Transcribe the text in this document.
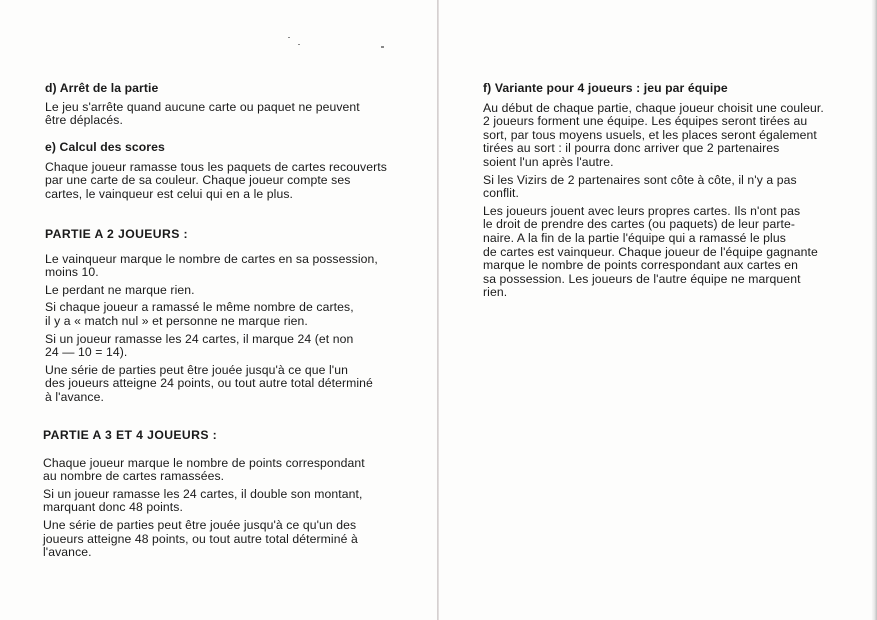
d) Arrêt de la partie
Le jeu s'arrête quand aucune carte ou paquet ne peuvent
être déplacés.
e) Calcul des scores
Chaque joueur ramasse tous les paquets de cartes recouverts
par une carte de sa couleur. Chaque joueur compte ses
cartes, le vainqueur est celui qui en a le plus.
PARTIE A 2 JOUEURS :
Le vainqueur marque le nombre de cartes en sa possession,
moins 10.
Le perdant ne marque rien.
Si chaque joueur a ramassé le même nombre de cartes,
il y a « match nul » et personne ne marque rien.
Si un joueur ramasse les 24 cartes, il marque 24 (et non
24 — 10 = 14).
Une série de parties peut être jouée jusqu'à ce que l'un
des joueurs atteigne 24 points, ou tout autre total déterminé
à l'avance.
PARTIE A 3 ET 4 JOUEURS :
Chaque joueur marque le nombre de points correspondant
au nombre de cartes ramassées.
Si un joueur ramasse les 24 cartes, il double son montant,
marquant donc 48 points.
Une série de parties peut être jouée jusqu'à ce qu'un des
joueurs atteigne 48 points, ou tout autre total déterminé à
l'avance.
f) Variante pour 4 joueurs : jeu par équipe
Au début de chaque partie, chaque joueur choisit une couleur.
2 joueurs forment une équipe. Les équipes seront tirées au
sort, par tous moyens usuels, et les places seront également
tirées au sort : il pourra donc arriver que 2 partenaires
soient l'un après l'autre.
Si les Vizirs de 2 partenaires sont côte à côte, il n'y a pas
conflit.
Les joueurs jouent avec leurs propres cartes. Ils n'ont pas
le droit de prendre des cartes (ou paquets) de leur parte-
naire. A la fin de la partie l'équipe qui a ramassé le plus
de cartes est vainqueur. Chaque joueur de l'équipe gagnante
marque le nombre de points correspondant aux cartes en
sa possession. Les joueurs de l'autre équipe ne marquent
rien.
